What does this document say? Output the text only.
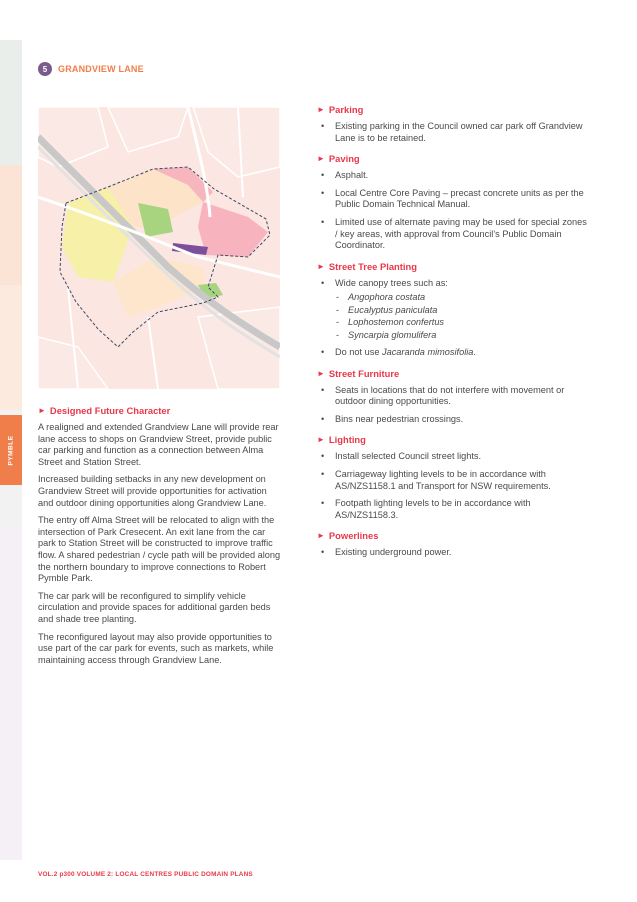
PYMBLE
5	GRANDVIEW LANE
► Designed Future Character

A realigned and extended Grandview Lane will provide rear lane access to shops on Grandview Street, provide public car parking and function as a connection between Alma Street and Station Street.

Increased building setbacks in any new development on Grandview Street will provide opportunities for activation and outdoor dining opportunities along Grandview Lane.

The entry off Alma Street will be relocated to align with the intersection of Park Cresecent. An exit lane from the car park to Station Street will be constructed to improve traffic flow. A shared pedestrian / cycle path will be provided along the northern boundary to improve connections to Robert Pymble Park.

The car park will be reconfigured to simplify vehicle circulation and provide spaces for additional garden beds and shade tree planting.

The reconfigured layout may also provide opportunities to use part of the car park for events, such as markets, while maintaining access through Grandview Lane.

► Parking
• Existing parking in the Council owned car park off Grandview Lane is to be retained.
► Paving
• Asphalt.
• Local Centre Core Paving – precast concrete units as per the Public Domain Technical Manual.
• Limited use of alternate paving may be used for special zones / key areas, with approval from Council’s Public Domain Coordinator.
► Street Tree Planting
• Wide canopy trees such as:
- Angophora costata
- Eucalyptus paniculata
- Lophostemon confertus
- Syncarpia glomulifera
• Do not use Jacaranda mimosifolia.
► Street Furniture
• Seats in locations that do not interfere with movement or outdoor dining opportunities.
• Bins near pedestrian crossings.
► Lighting
• Install selected Council street lights.
• Carriageway lighting levels to be in accordance with AS/NZS1158.1 and Transport for NSW requirements.
• Footpath lighting levels to be in accordance with AS/NZS1158.3.
► Powerlines
• Existing underground power.
VOL.2 p300 VOLUME 2: LOCAL CENTRES PUBLIC DOMAIN PLANS
